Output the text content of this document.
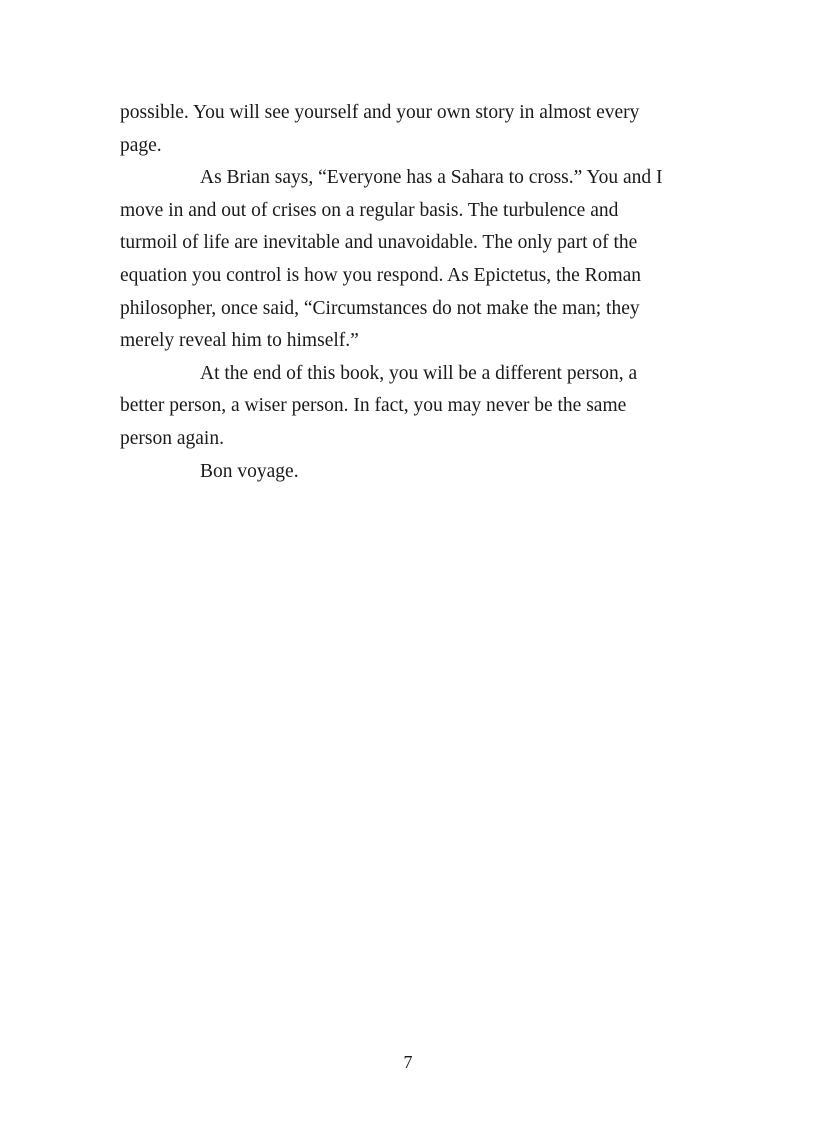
possible. You will see yourself and your own story in almost every
page.

As Brian says, “Everyone has a Sahara to cross.” You and I
move in and out of crises on a regular basis. The turbulence and
turmoil of life are inevitable and unavoidable. The only part of the
equation you control is how you respond. As Epictetus, the Roman
philosopher, once said, “Circumstances do not make the man; they
merely reveal him to himself.”

At the end of this book, you will be a different person, a
better person, a wiser person. In fact, you may never be the same
person again.

Bon voyage.

7
